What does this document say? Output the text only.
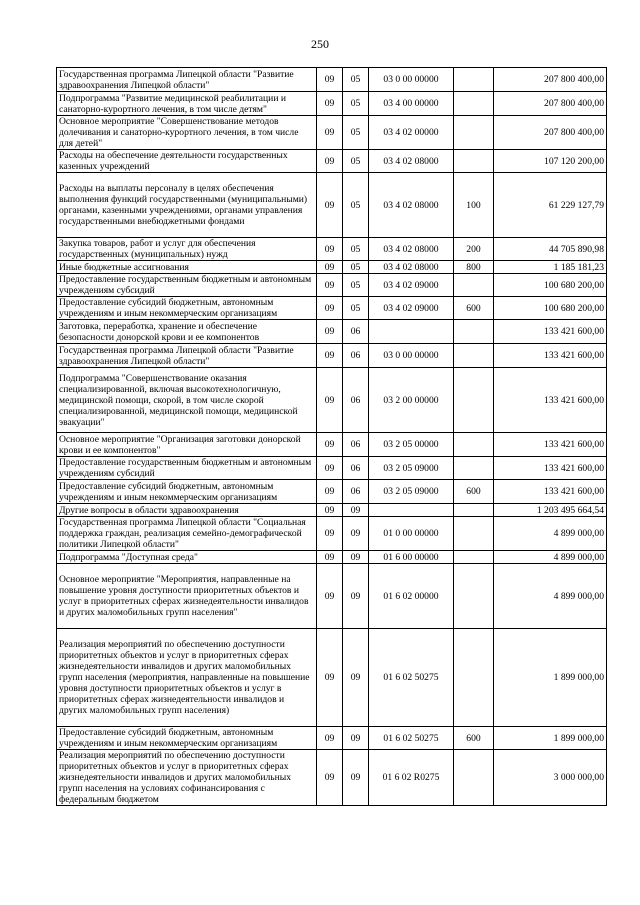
250
Государственная программа Липецкой области "Развитие здравоохранения Липецкой области"	09	05	03 0 00 00000		207 800 400,00
Подпрограмма "Развитие медицинской реабилитации и санаторно-курортного лечения, в том числе детям"	09	05	03 4 00 00000		207 800 400,00
Основное мероприятие "Совершенствование методов долечивания и санаторно-курортного лечения, в том числе для детей"	09	05	03 4 02 00000		207 800 400,00
Расходы на обеспечение деятельности государственных казенных учреждений	09	05	03 4 02 08000		107 120 200,00
Расходы на выплаты персоналу в целях обеспечения выполнения функций государственными (муниципальными) органами, казенными учреждениями, органами управления государственными внебюджетными фондами	09	05	03 4 02 08000	100	61 229 127,79
Закупка товаров, работ и услуг для обеспечения государственных (муниципальных) нужд	09	05	03 4 02 08000	200	44 705 890,98
Иные бюджетные ассигнования	09	05	03 4 02 08000	800	1 185 181,23
Предоставление государственным бюджетным и автономным учреждениям субсидий	09	05	03 4 02 09000		100 680 200,00
Предоставление субсидий бюджетным, автономным учреждениям и иным некоммерческим организациям	09	05	03 4 02 09000	600	100 680 200,00
Заготовка, переработка, хранение и обеспечение безопасности донорской крови и ее компонентов	09	06			133 421 600,00
Государственная программа Липецкой области "Развитие здравоохранения Липецкой области"	09	06	03 0 00 00000		133 421 600,00
Подпрограмма "Совершенствование оказания специализированной, включая высокотехнологичную, медицинской помощи, скорой, в том числе скорой специализированной, медицинской помощи, медицинской эвакуации"	09	06	03 2 00 00000		133 421 600,00
Основное мероприятие "Организация заготовки донорской крови и ее компонентов"	09	06	03 2 05 00000		133 421 600,00
Предоставление государственным бюджетным и автономным учреждениям субсидий	09	06	03 2 05 09000		133 421 600,00
Предоставление субсидий бюджетным, автономным учреждениям и иным некоммерческим организациям	09	06	03 2 05 09000	600	133 421 600,00
Другие вопросы в области здравоохранения	09	09			1 203 495 664,54
Государственная программа Липецкой области "Социальная поддержка граждан, реализация семейно-демографической политики Липецкой области"	09	09	01 0 00 00000		4 899 000,00
Подпрограмма "Доступная среда"	09	09	01 6 00 00000		4 899 000,00
Основное мероприятие "Мероприятия, направленные на повышение уровня доступности приоритетных объектов и услуг в приоритетных сферах жизнедеятельности инвалидов и других маломобильных групп населения"	09	09	01 6 02 00000		4 899 000,00
Реализация мероприятий по обеспечению доступности приоритетных объектов и услуг в приоритетных сферах жизнедеятельности инвалидов и других маломобильных групп населения (мероприятия, направленные на повышение уровня доступности приоритетных объектов и услуг в приоритетных сферах жизнедеятельности инвалидов и других маломобильных групп населения)	09	09	01 6 02 50275		1 899 000,00
Предоставление субсидий бюджетным, автономным учреждениям и иным некоммерческим организациям	09	09	01 6 02 50275	600	1 899 000,00
Реализация мероприятий по обеспечению доступности приоритетных объектов и услуг в приоритетных сферах жизнедеятельности инвалидов и других маломобильных групп населения на условиях софинансирования с федеральным бюджетом	09	09	01 6 02 R0275		3 000 000,00
